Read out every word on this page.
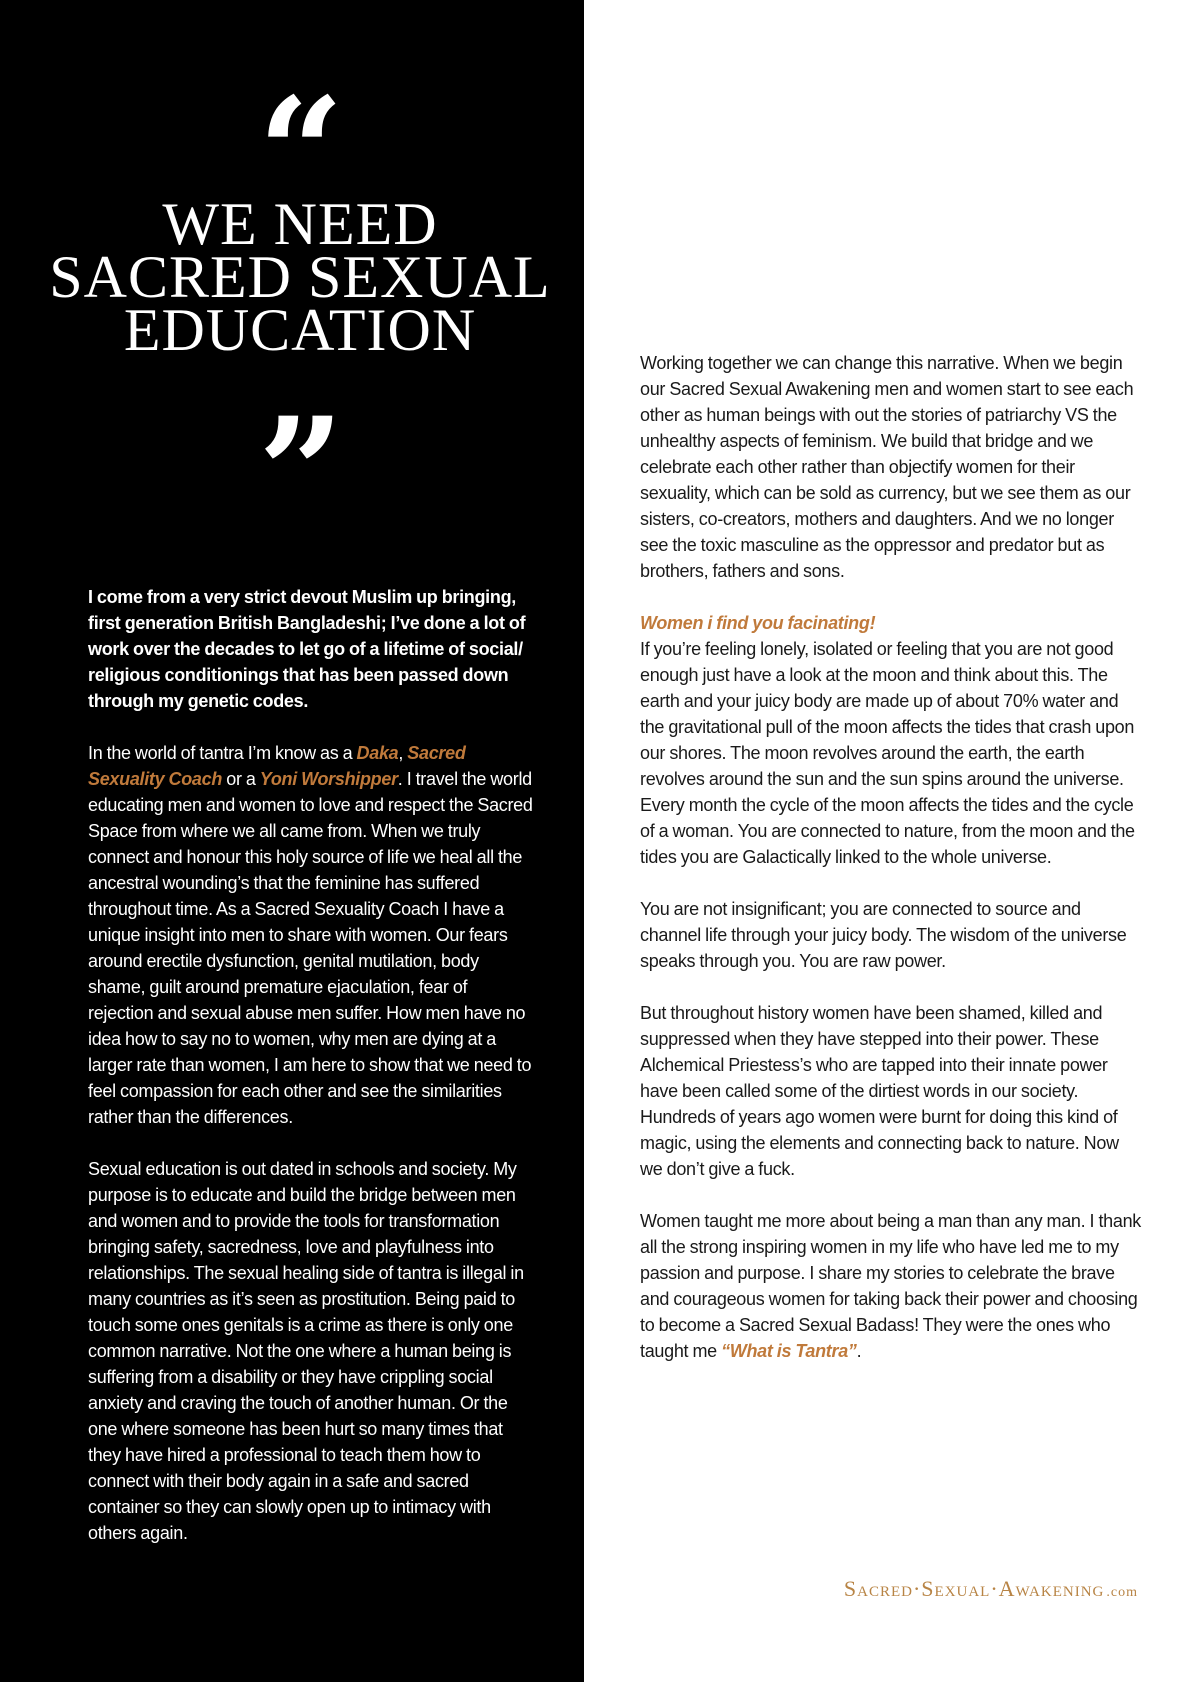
“
WE NEED
SACRED SEXUAL
EDUCATION
”

I come from a very strict devout Muslim up bringing, first generation British Bangladeshi; I’ve done a lot of work over the decades to let go of a lifetime of social/ religious conditionings that has been passed down through my genetic codes.

In the world of tantra I’m know as a Daka, Sacred Sexuality Coach or a Yoni Worshipper. I travel the world educating men and women to love and respect the Sacred Space from where we all came from. When we truly connect and honour this holy source of life we heal all the ancestral wounding’s that the feminine has suffered throughout time. As a Sacred Sexuality Coach I have a unique insight into men to share with women. Our fears around erectile dysfunction, genital mutilation, body shame, guilt around premature ejaculation, fear of rejection and sexual abuse men suffer. How men have no idea how to say no to women, why men are dying at a larger rate than women, I am here to show that we need to feel compassion for each other and see the similarities rather than the differences.

Sexual education is out dated in schools and society. My purpose is to educate and build the bridge between men and women and to provide the tools for transformation bringing safety, sacredness, love and playfulness into relationships. The sexual healing side of tantra is illegal in many countries as it’s seen as prostitution. Being paid to touch some ones genitals is a crime as there is only one common narrative. Not the one where a human being is suffering from a disability or they have crippling social anxiety and craving the touch of another human. Or the one where someone has been hurt so many times that they have hired a professional to teach them how to connect with their body again in a safe and sacred container so they can slowly open up to intimacy with others again.

Working together we can change this narrative. When we begin our Sacred Sexual Awakening men and women start to see each other as human beings with out the stories of patriarchy VS the unhealthy aspects of feminism. We build that bridge and we celebrate each other rather than objectify women for their sexuality, which can be sold as currency, but we see them as our sisters, co-creators, mothers and daughters. And we no longer see the toxic masculine as the oppressor and predator but as brothers, fathers and sons.

Women i find you facinating!

If you’re feeling lonely, isolated or feeling that you are not good enough just have a look at the moon and think about this. The earth and your juicy body are made up of about 70% water and the gravitational pull of the moon affects the tides that crash upon our shores. The moon revolves around the earth, the earth revolves around the sun and the sun spins around the universe. Every month the cycle of the moon affects the tides and the cycle of a woman. You are connected to nature, from the moon and the tides you are Galactically linked to the whole universe.

You are not insignificant; you are connected to source and channel life through your juicy body. The wisdom of the universe speaks through you. You are raw power.

But throughout history women have been shamed, killed and suppressed when they have stepped into their power. These Alchemical Priestess’s who are tapped into their innate power have been called some of the dirtiest words in our society. Hundreds of years ago women were burnt for doing this kind of magic, using the elements and connecting back to nature. Now we don’t give a fuck.

Women taught me more about being a man than any man. I thank all the strong inspiring women in my life who have led me to my passion and purpose. I share my stories to celebrate the brave and courageous women for taking back their power and choosing to become a Sacred Sexual Badass! They were the ones who taught me “What is Tantra”.

Sacred·Sexual·Awakening .com
